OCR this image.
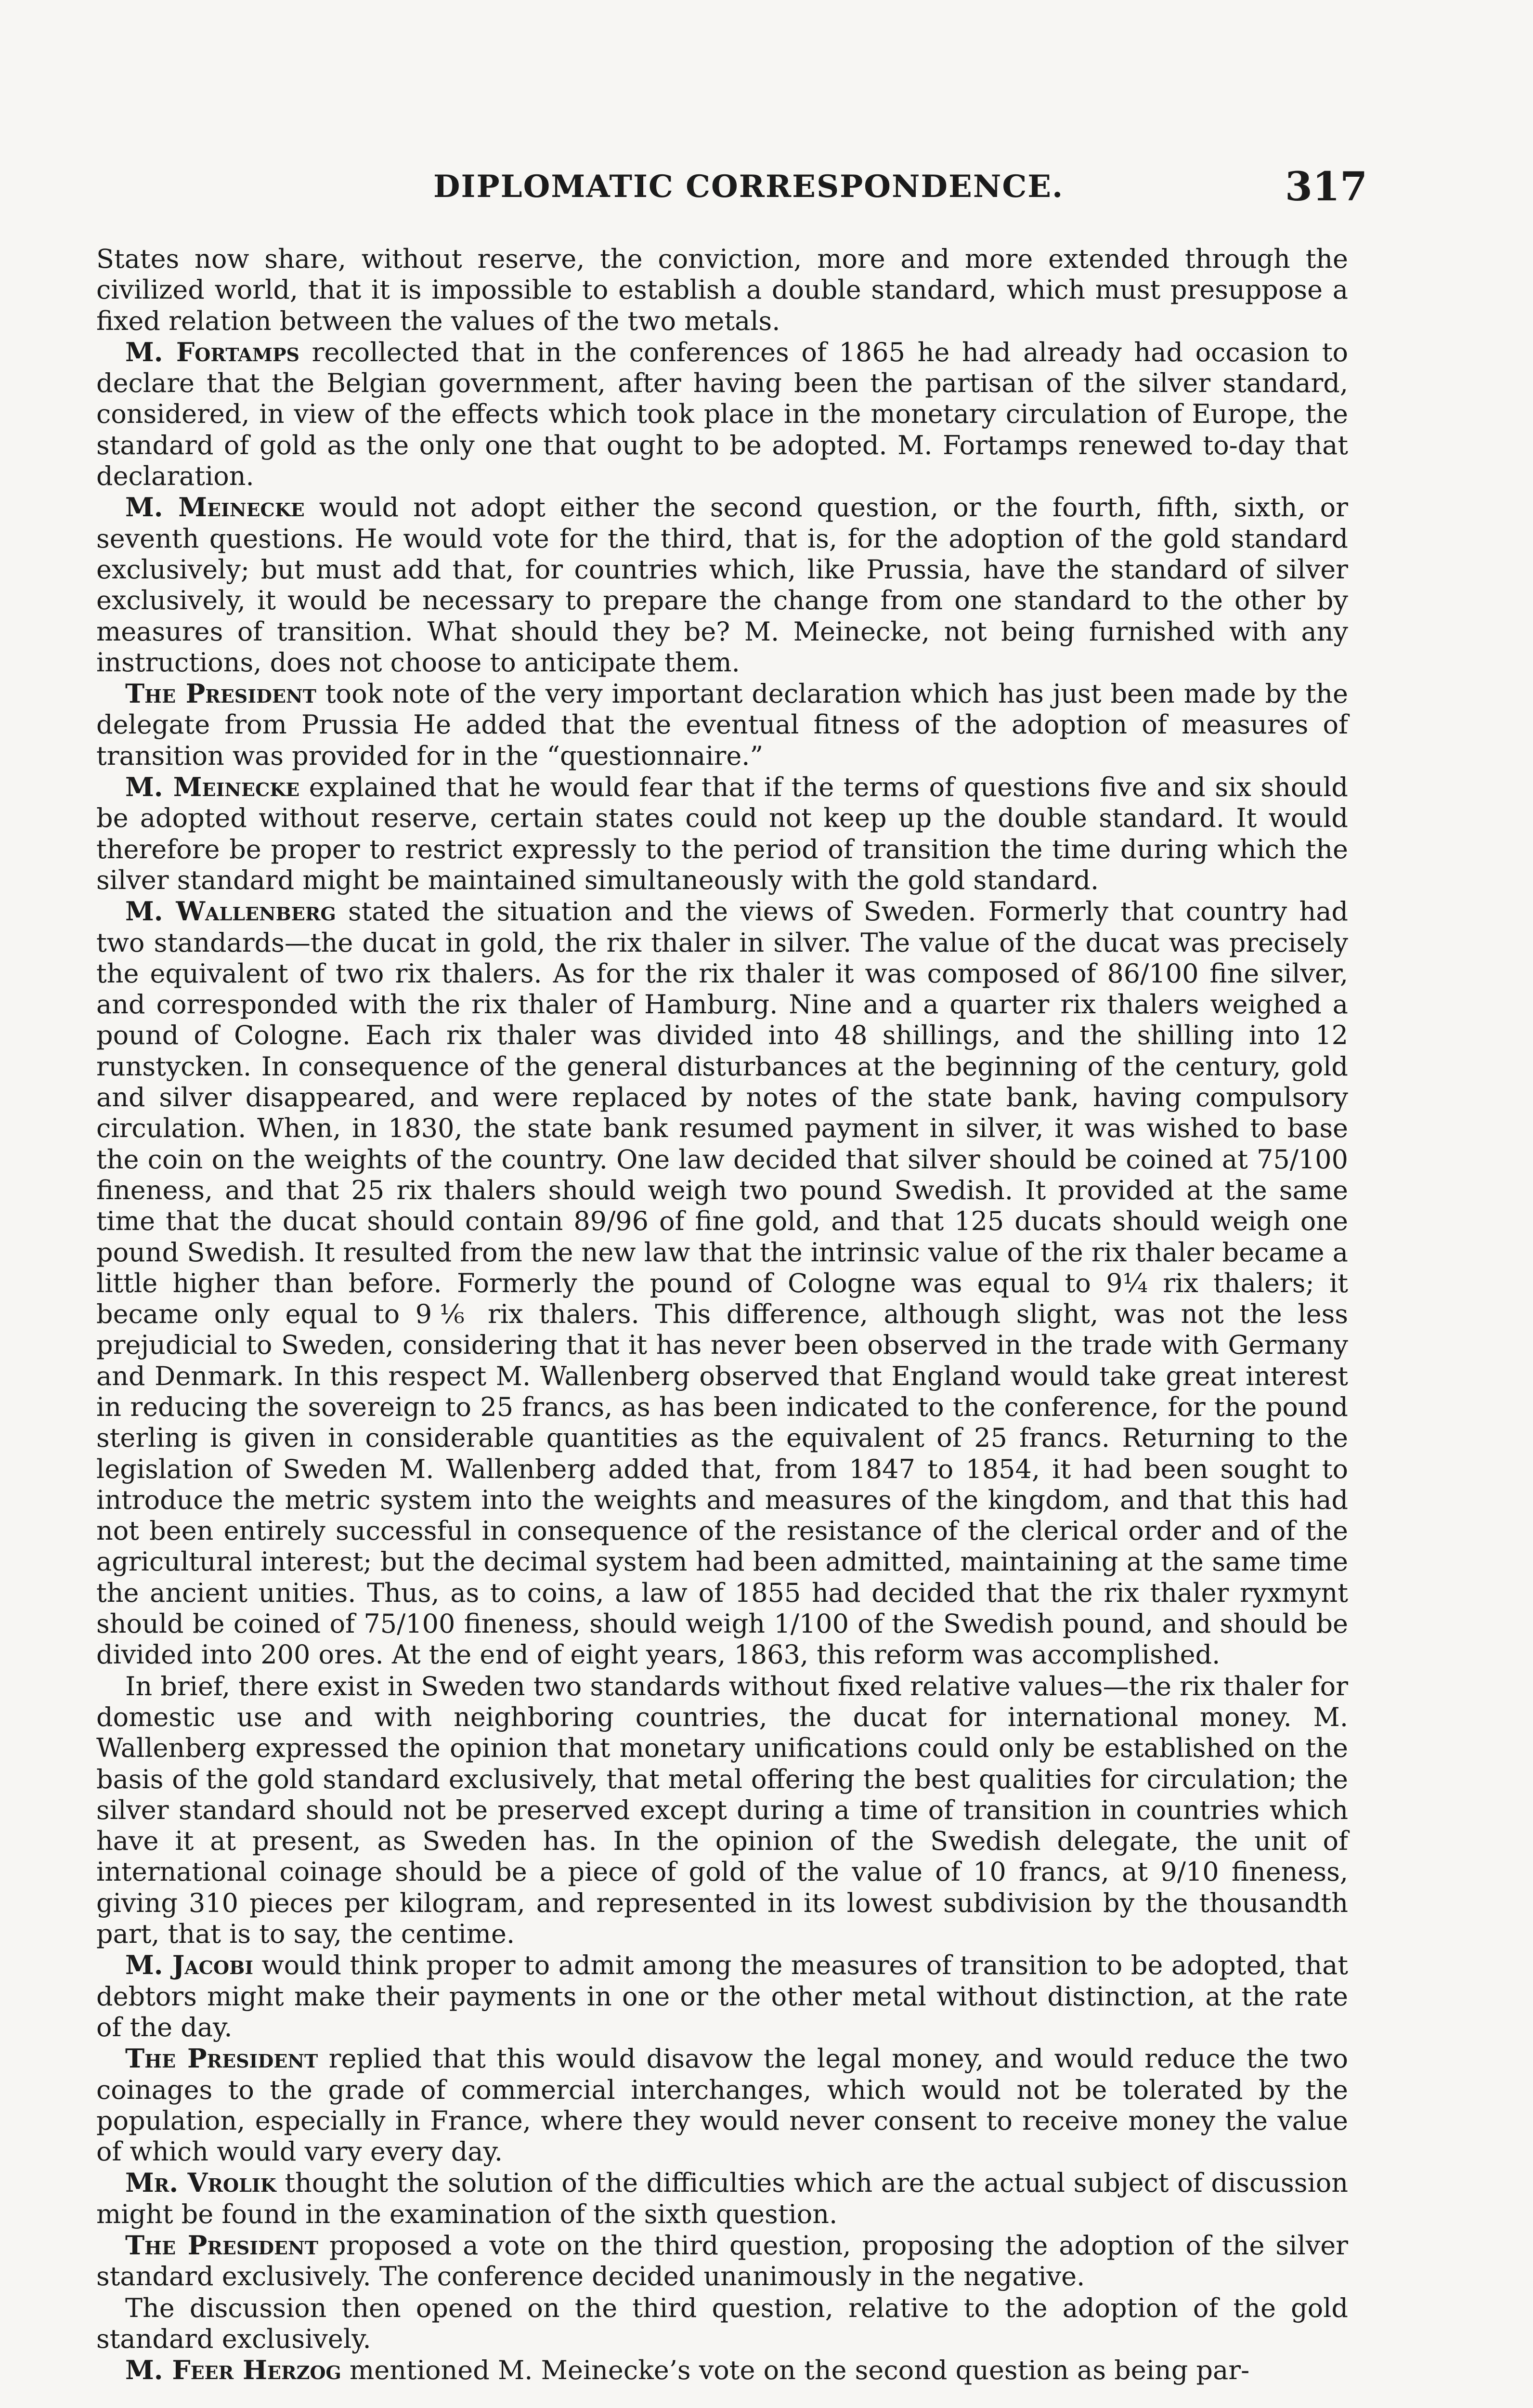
DIPLOMATIC CORRESPONDENCE.	317

States now share, without reserve, the conviction, more and more extended through the civilized world, that it is impossible to establish a double standard, which must presuppose a fixed relation between the values of the two metals.

M. Fortamps recollected that in the conferences of 1865 he had already had occasion to declare that the Belgian government, after having been the partisan of the silver standard, considered, in view of the effects which took place in the monetary circulation of Europe, the standard of gold as the only one that ought to be adopted. M. Fortamps renewed to-day that declaration.

M. Meinecke would not adopt either the second question, or the fourth, fifth, sixth, or seventh questions. He would vote for the third, that is, for the adoption of the gold standard exclusively; but must add that, for countries which, like Prussia, have the standard of silver exclusively, it would be necessary to prepare the change from one standard to the other by measures of transition. What should they be? M. Meinecke, not being furnished with any instructions, does not choose to anticipate them.

The President took note of the very important declaration which has just been made by the delegate from Prussia He added that the eventual fitness of the adoption of measures of transition was provided for in the “questionnaire.”

M. Meinecke explained that he would fear that if the terms of questions five and six should be adopted without reserve, certain states could not keep up the double standard. It would therefore be proper to restrict expressly to the period of transition the time during which the silver standard might be maintained simultaneously with the gold standard.

M. Wallenberg stated the situation and the views of Sweden. Formerly that country had two standards—the ducat in gold, the rix thaler in silver. The value of the ducat was precisely the equivalent of two rix thalers. As for the rix thaler it was composed of 86/100 fine silver, and corresponded with the rix thaler of Hamburg. Nine and a quarter rix thalers weighed a pound of Cologne. Each rix thaler was divided into 48 shillings, and the shilling into 12 runstycken. In consequence of the general disturbances at the beginning of the century, gold and silver disappeared, and were replaced by notes of the state bank, having compulsory circulation. When, in 1830, the state bank resumed payment in silver, it was wished to base the coin on the weights of the country. One law decided that silver should be coined at 75/100 fineness, and that 25 rix thalers should weigh two pound Swedish. It provided at the same time that the ducat should contain 89/96 of fine gold, and that 125 ducats should weigh one pound Swedish. It resulted from the new law that the intrinsic value of the rix thaler became a little higher than before. Formerly the pound of Cologne was equal to 9¼ rix thalers; it became only equal to 9⅙ rix thalers. This difference, although slight, was not the less prejudicial to Sweden, considering that it has never been observed in the trade with Germany and Denmark. In this respect M. Wallenberg observed that England would take great interest in reducing the sovereign to 25 francs, as has been indicated to the conference, for the pound sterling is given in considerable quantities as the equivalent of 25 francs. Returning to the legislation of Sweden M. Wallenberg added that, from 1847 to 1854, it had been sought to introduce the metric system into the weights and measures of the kingdom, and that this had not been entirely successful in consequence of the resistance of the clerical order and of the agricultural interest; but the decimal system had been admitted, maintaining at the same time the ancient unities. Thus, as to coins, a law of 1855 had decided that the rix thaler ryxmynt should be coined of 75/100 fineness, should weigh 1/100 of the Swedish pound, and should be divided into 200 ores. At the end of eight years, 1863, this reform was accomplished.

In brief, there exist in Sweden two standards without fixed relative values—the rix thaler for domestic use and with neighboring countries, the ducat for international money. M. Wallenberg expressed the opinion that monetary unifications could only be established on the basis of the gold standard exclusively, that metal offering the best qualities for circulation; the silver standard should not be preserved except during a time of transition in countries which have it at present, as Sweden has. In the opinion of the Swedish delegate, the unit of international coinage should be a piece of gold of the value of 10 francs, at 9/10 fineness, giving 310 pieces per kilogram, and represented in its lowest subdivision by the thousandth part, that is to say, the centime.

M. Jacobi would think proper to admit among the measures of transition to be adopted, that debtors might make their payments in one or the other metal without distinction, at the rate of the day.

The President replied that this would disavow the legal money, and would reduce the two coinages to the grade of commercial interchanges, which would not be tolerated by the population, especially in France, where they would never consent to receive money the value of which would vary every day.

Mr. Vrolik thought the solution of the difficulties which are the actual subject of discussion might be found in the examination of the sixth question.

The President proposed a vote on the third question, proposing the adoption of the silver standard exclusively. The conference decided unanimously in the negative.

The discussion then opened on the third question, relative to the adoption of the gold standard exclusively.

M. Feer Herzog mentioned M. Meinecke’s vote on the second question as being par-
